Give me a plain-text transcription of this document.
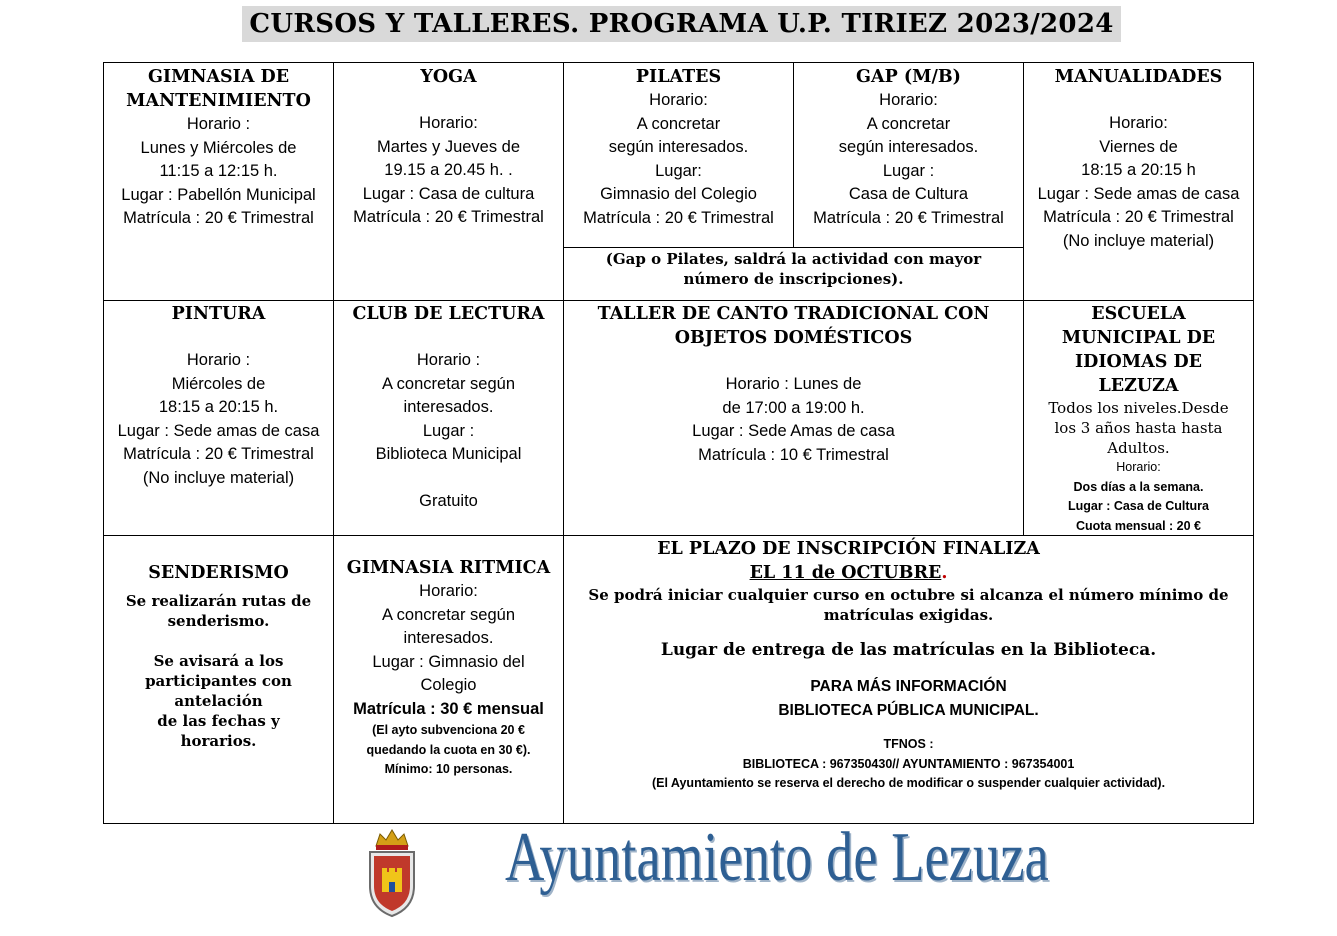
CURSOS Y TALLERES. PROGRAMA U.P. TIRIEZ 2023/2024
GIMNASIA DE MANTENIMIENTO
Horario :
Lunes y Miércoles de
11:15 a 12:15 h.
Lugar : Pabellón Municipal
Matrícula : 20 € Trimestral
YOGA
Horario:
Martes y Jueves de
19.15 a 20.45 h. .
Lugar : Casa de cultura
Matrícula : 20 € Trimestral
PILATES
Horario:
A concretar
según interesados.
Lugar:
Gimnasio del Colegio
Matrícula : 20 € Trimestral
GAP (M/B)
Horario:
A concretar
según interesados.
Lugar :
Casa de Cultura
Matrícula : 20 € Trimestral
(Gap o Pilates, saldrá la actividad con mayor
número de inscripciones).
MANUALIDADES
Horario:
Viernes de
18:15 a 20:15 h
Lugar : Sede amas de casa
Matrícula : 20 € Trimestral
(No incluye material)
PINTURA
Horario :
Miércoles de
18:15 a 20:15 h.
Lugar : Sede amas de casa
Matrícula : 20 € Trimestral
(No incluye material)
CLUB DE LECTURA
Horario :
A concretar según
interesados.
Lugar :
Biblioteca Municipal
Gratuito
TALLER DE CANTO TRADICIONAL CON
OBJETOS DOMÉSTICOS
Horario : Lunes de
de 17:00 a 19:00 h.
Lugar : Sede Amas de casa
Matrícula : 10 € Trimestral
ESCUELA
MUNICIPAL DE
IDIOMAS DE
LEZUZA
Todos los niveles.Desde
los 3 años hasta hasta
Adultos.
Horario:
Dos días a la semana.
Lugar : Casa de Cultura
Cuota mensual : 20 €
SENDERISMO
Se realizarán rutas de
senderismo.
Se avisará a los
participantes con
antelación
de las fechas y
horarios.
GIMNASIA RITMICA
Horario:
A concretar según
interesados.
Lugar : Gimnasio del
Colegio
Matrícula : 30 € mensual
(El ayto subvenciona 20 €
quedando la cuota en 30 €).
Mínimo: 10 personas.
EL PLAZO DE INSCRIPCIÓN FINALIZA
EL 11 de OCTUBRE.
Se podrá iniciar cualquier curso en octubre si alcanza el número mínimo de
matrículas exigidas.
Lugar de entrega de las matrículas en la Biblioteca.
PARA MÁS INFORMACIÓN
BIBLIOTECA PÚBLICA MUNICIPAL.
TFNOS :
BIBLIOTECA : 967350430// AYUNTAMIENTO : 967354001
(El Ayuntamiento se reserva el derecho de modificar o suspender cualquier actividad).
Ayuntamiento de Lezuza
